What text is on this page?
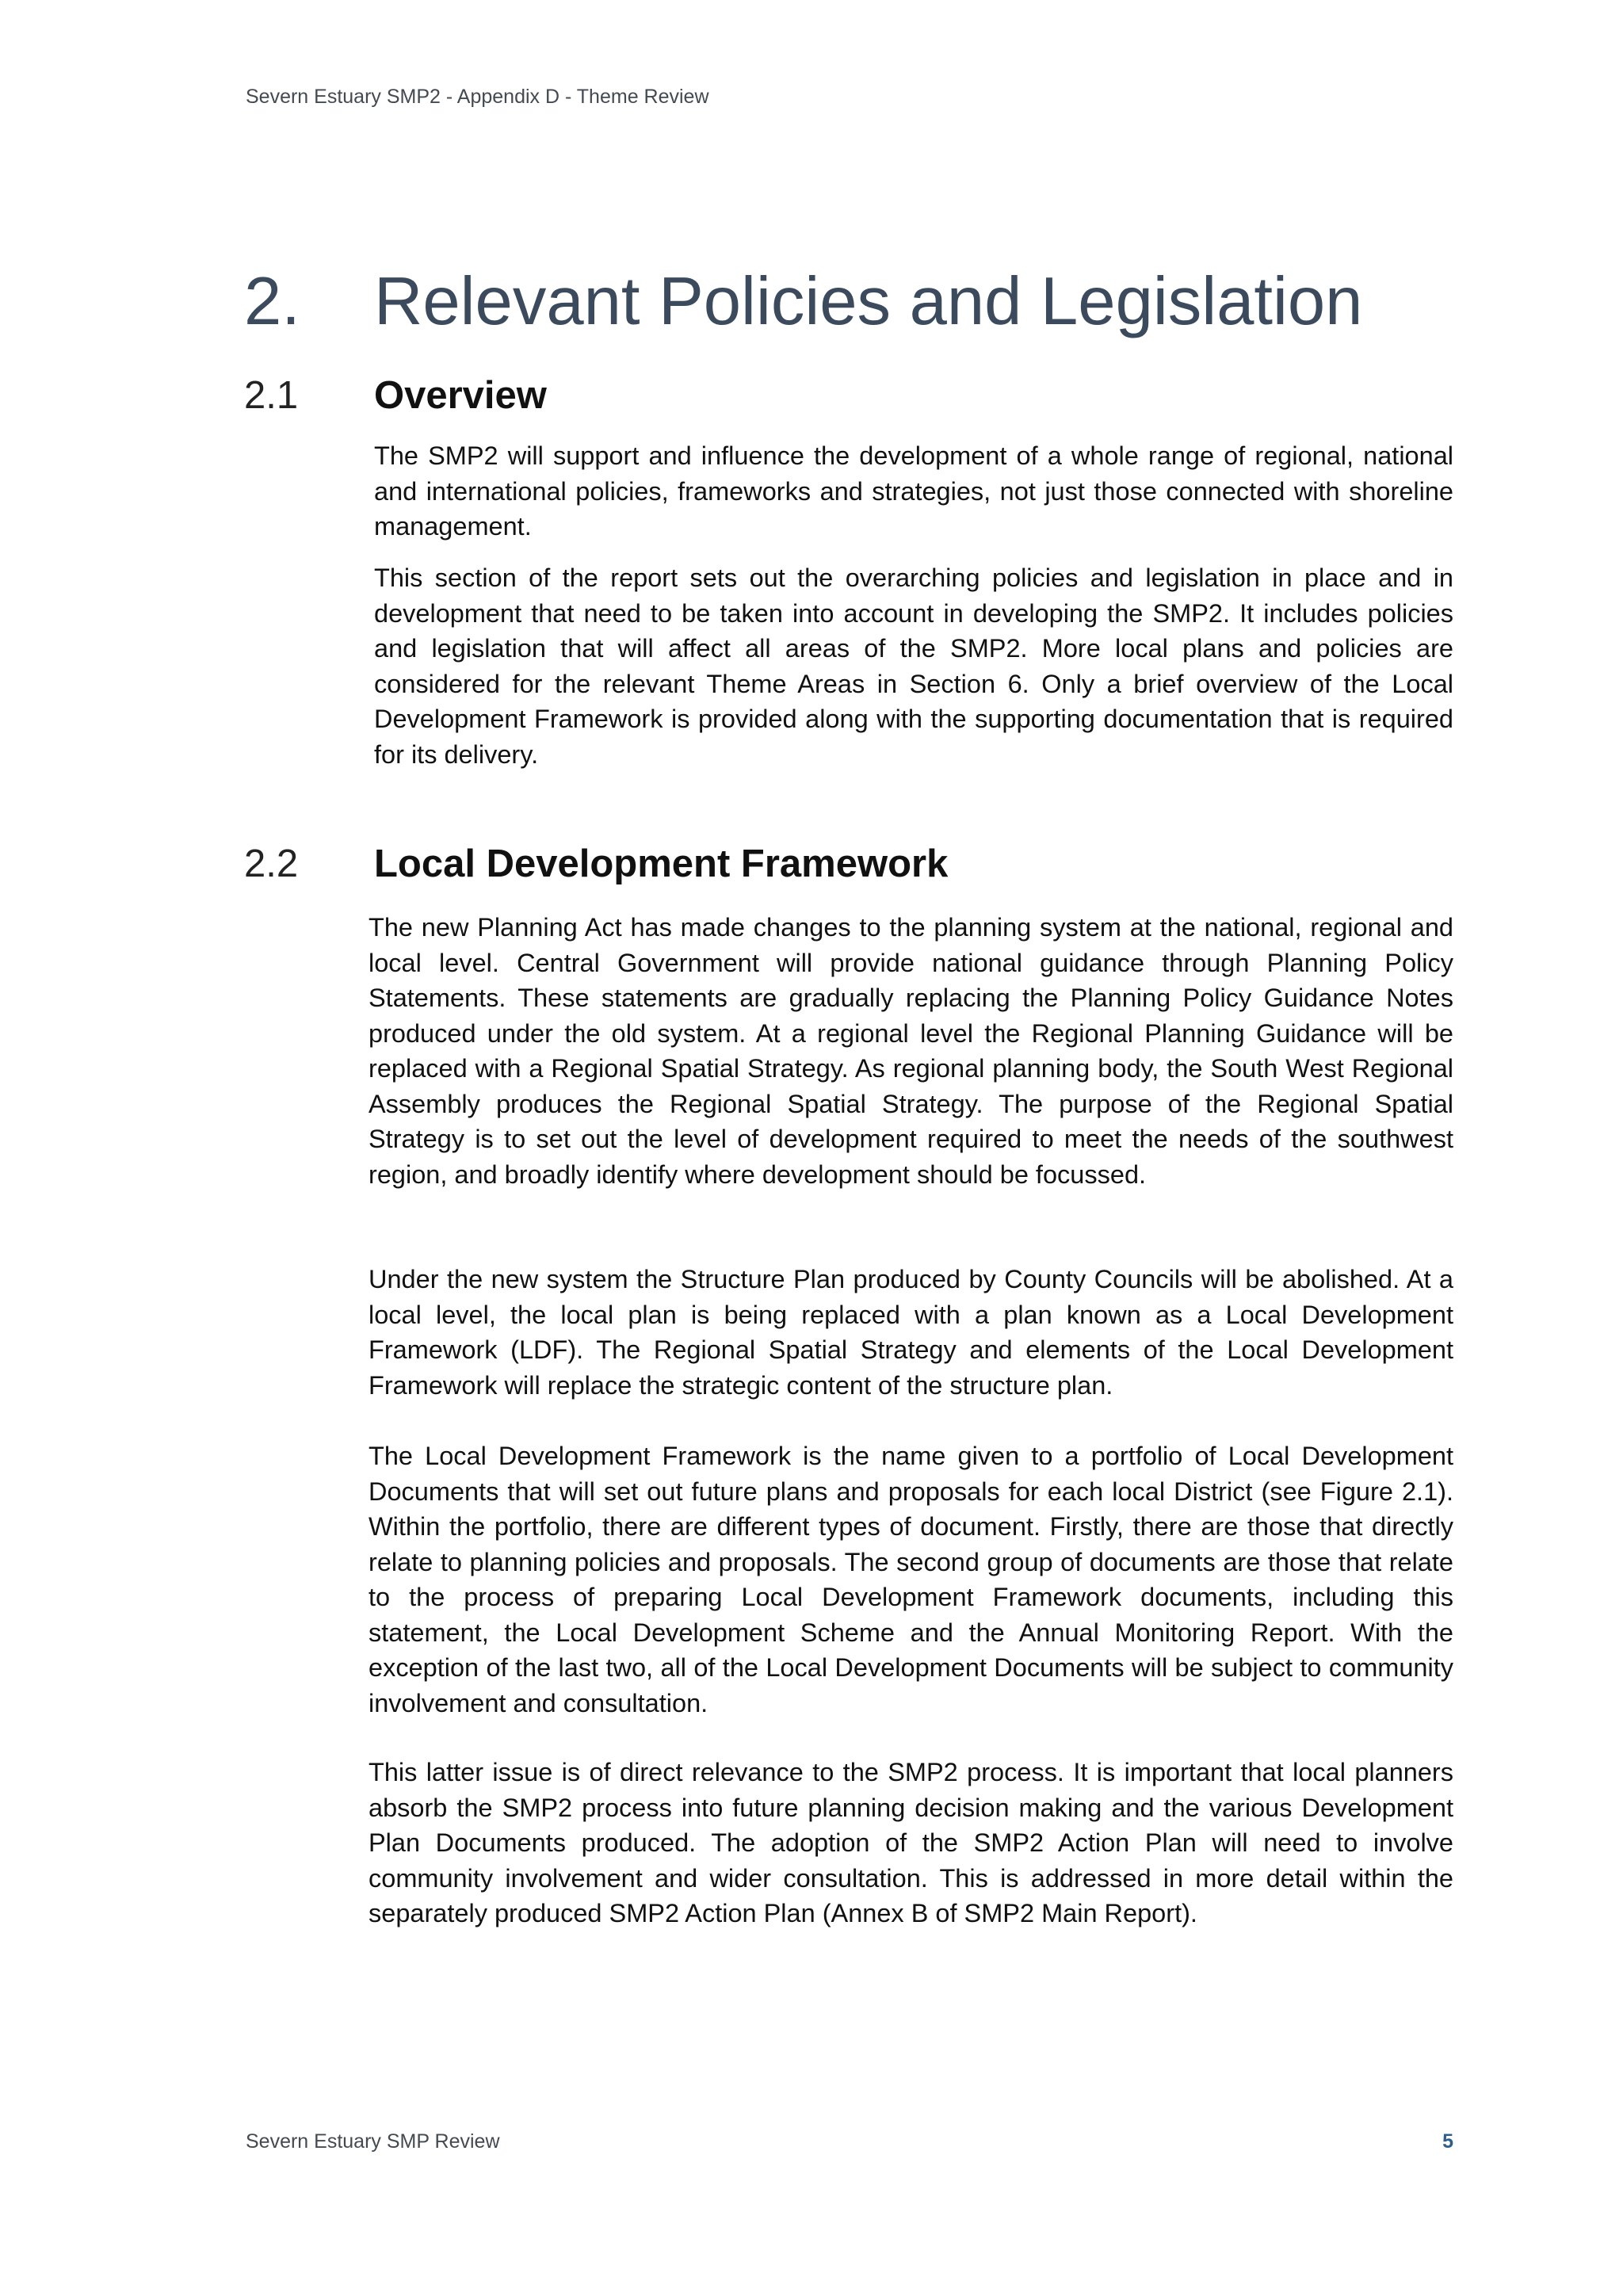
Severn Estuary SMP2 - Appendix D - Theme Review
2. Relevant Policies and Legislation
2.1 Overview

The SMP2 will support and influence the development of a whole range of regional, national and international policies, frameworks and strategies, not just those connected with shoreline management.

This section of the report sets out the overarching policies and legislation in place and in development that need to be taken into account in developing the SMP2. It includes policies and legislation that will affect all areas of the SMP2. More local plans and policies are considered for the relevant Theme Areas in Section 6. Only a brief overview of the Local Development Framework is provided along with the supporting documentation that is required for its delivery.

2.2 Local Development Framework

The new Planning Act has made changes to the planning system at the national, regional and local level. Central Government will provide national guidance through Planning Policy Statements. These statements are gradually replacing the Planning Policy Guidance Notes produced under the old system. At a regional level the Regional Planning Guidance will be replaced with a Regional Spatial Strategy. As regional planning body, the South West Regional Assembly produces the Regional Spatial Strategy. The purpose of the Regional Spatial Strategy is to set out the level of development required to meet the needs of the southwest region, and broadly identify where development should be focussed.

Under the new system the Structure Plan produced by County Councils will be abolished. At a local level, the local plan is being replaced with a plan known as a Local Development Framework (LDF). The Regional Spatial Strategy and elements of the Local Development Framework will replace the strategic content of the structure plan.

The Local Development Framework is the name given to a portfolio of Local Development Documents that will set out future plans and proposals for each local District (see Figure 2.1). Within the portfolio, there are different types of document. Firstly, there are those that directly relate to planning policies and proposals. The second group of documents are those that relate to the process of preparing Local Development Framework documents, including this statement, the Local Development Scheme and the Annual Monitoring Report. With the exception of the last two, all of the Local Development Documents will be subject to community involvement and consultation.

This latter issue is of direct relevance to the SMP2 process. It is important that local planners absorb the SMP2 process into future planning decision making and the various Development Plan Documents produced. The adoption of the SMP2 Action Plan will need to involve community involvement and wider consultation. This is addressed in more detail within the separately produced SMP2 Action Plan (Annex B of SMP2 Main Report).

Severn Estuary SMP Review	5
